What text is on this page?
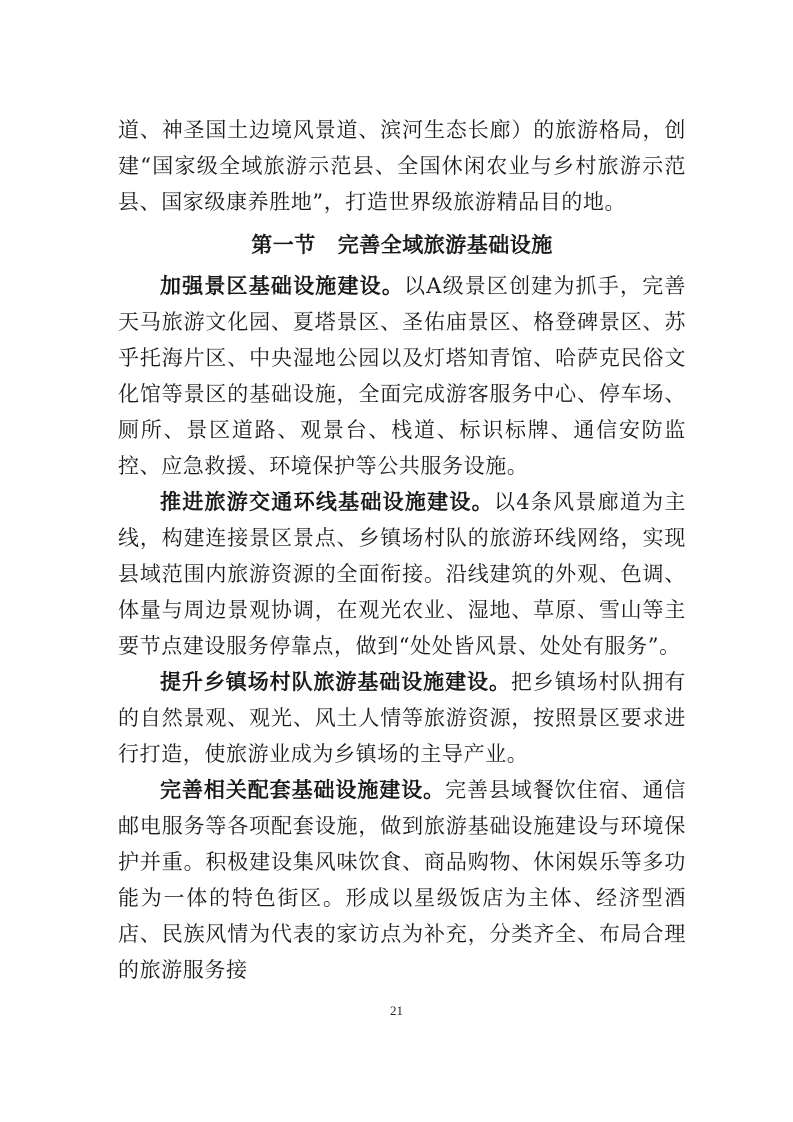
道、神圣国土边境风景道、滨河生态长廊）的旅游格局，创建“国家级全域旅游示范县、全国休闲农业与乡村旅游示范县、国家级康养胜地”，打造世界级旅游精品目的地。

第一节 完善全域旅游基础设施

加强景区基础设施建设。以A级景区创建为抓手，完善天马旅游文化园、夏塔景区、圣佑庙景区、格登碑景区、苏乎托海片区、中央湿地公园以及灯塔知青馆、哈萨克民俗文化馆等景区的基础设施，全面完成游客服务中心、停车场、厕所、景区道路、观景台、栈道、标识标牌、通信安防监控、应急救援、环境保护等公共服务设施。

推进旅游交通环线基础设施建设。以4条风景廊道为主线，构建连接景区景点、乡镇场村队的旅游环线网络，实现县域范围内旅游资源的全面衔接。沿线建筑的外观、色调、体量与周边景观协调，在观光农业、湿地、草原、雪山等主要节点建设服务停靠点，做到“处处皆风景、处处有服务”。

提升乡镇场村队旅游基础设施建设。把乡镇场村队拥有的自然景观、观光、风土人情等旅游资源，按照景区要求进行打造，使旅游业成为乡镇场的主导产业。

完善相关配套基础设施建设。完善县域餐饮住宿、通信邮电服务等各项配套设施，做到旅游基础设施建设与环境保护并重。积极建设集风味饮食、商品购物、休闲娱乐等多功能为一体的特色街区。形成以星级饭店为主体、经济型酒店、民族风情为代表的家访点为补充，分类齐全、布局合理的旅游服务接

21
